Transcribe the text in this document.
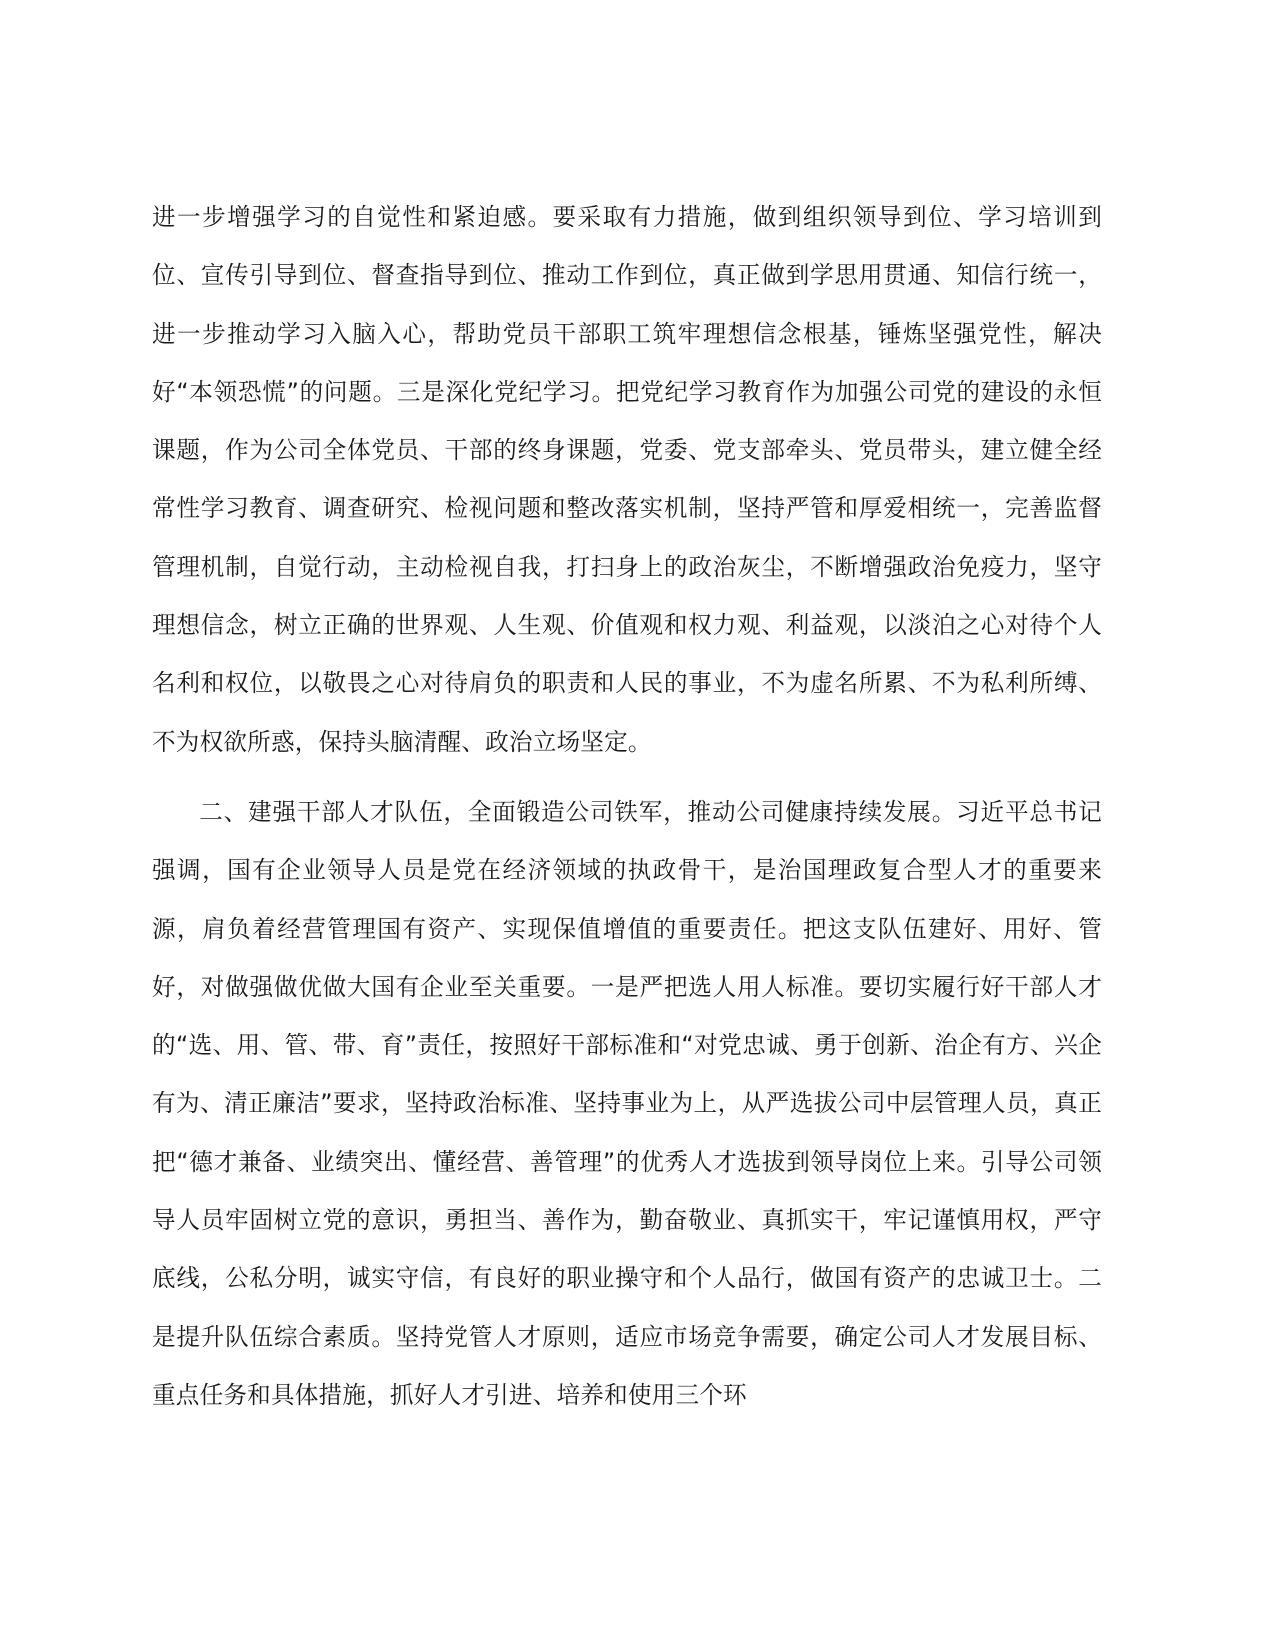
进一步增强学习的自觉性和紧迫感。要采取有力措施，做到组织领导到位、学习培训到位、宣传引导到位、督查指导到位、推动工作到位，真正做到学思用贯通、知信行统一，进一步推动学习入脑入心，帮助党员干部职工筑牢理想信念根基，锤炼坚强党性，解决好“本领恐慌”的问题。三是深化党纪学习。把党纪学习教育作为加强公司党的建设的永恒课题，作为公司全体党员、干部的终身课题，党委、党支部牵头、党员带头，建立健全经常性学习教育、调查研究、检视问题和整改落实机制，坚持严管和厚爱相统一，完善监督管理机制，自觉行动，主动检视自我，打扫身上的政治灰尘，不断增强政治免疫力，坚守理想信念，树立正确的世界观、人生观、价值观和权力观、利益观，以淡泊之心对待个人名利和权位，以敬畏之心对待肩负的职责和人民的事业，不为虚名所累、不为私利所缚、不为权欲所惑，保持头脑清醒、政治立场坚定。

二、建强干部人才队伍，全面锻造公司铁军，推动公司健康持续发展。习近平总书记强调，国有企业领导人员是党在经济领域的执政骨干，是治国理政复合型人才的重要来源，肩负着经营管理国有资产、实现保值增值的重要责任。把这支队伍建好、用好、管好，对做强做优做大国有企业至关重要。一是严把选人用人标准。要切实履行好干部人才的“选、用、管、带、育”责任，按照好干部标准和“对党忠诚、勇于创新、治企有方、兴企有为、清正廉洁”要求，坚持政治标准、坚持事业为上，从严选拔公司中层管理人员，真正把“德才兼备、业绩突出、懂经营、善管理”的优秀人才选拔到领导岗位上来。引导公司领导人员牢固树立党的意识，勇担当、善作为，勤奋敬业、真抓实干，牢记谨慎用权，严守底线，公私分明，诚实守信，有良好的职业操守和个人品行，做国有资产的忠诚卫士。二是提升队伍综合素质。坚持党管人才原则，适应市场竞争需要，确定公司人才发展目标、重点任务和具体措施，抓好人才引进、培养和使用三个环
